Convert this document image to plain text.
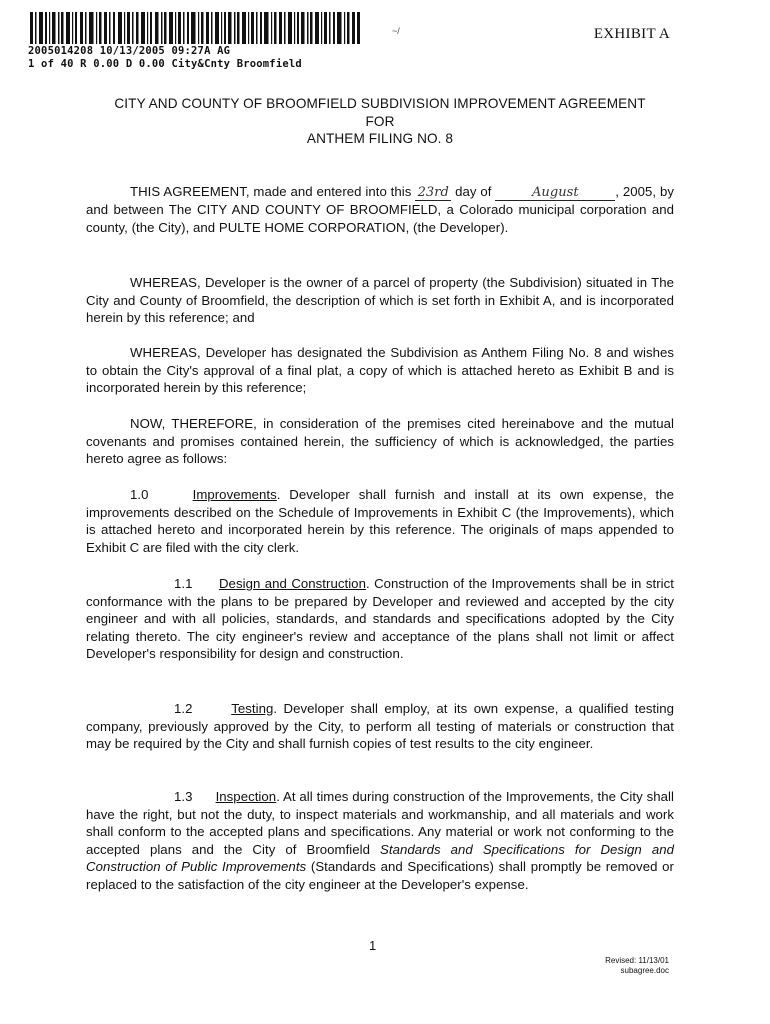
2005014208 10/13/2005 09:27A AG
1 of 40 R 0.00 D 0.00 City&Cnty Broomfield
~/	EXHIBIT A
CITY AND COUNTY OF BROOMFIELD SUBDIVISION IMPROVEMENT AGREEMENT
FOR
ANTHEM FILING NO. 8
THIS AGREEMENT, made and entered into this 23rd day of	August	, 2005, by and between The CITY AND COUNTY OF BROOMFIELD, a Colorado municipal corporation and county, (the City), and PULTE HOME CORPORATION, (the Developer).
WHEREAS, Developer is the owner of a parcel of property (the Subdivision) situated in The City and County of Broomfield, the description of which is set forth in Exhibit A, and is incorporated herein by this reference; and
WHEREAS, Developer has designated the Subdivision as Anthem Filing No. 8 and wishes to obtain the City's approval of a final plat, a copy of which is attached hereto as Exhibit B and is incorporated herein by this reference;
NOW, THEREFORE, in consideration of the premises cited hereinabove and the mutual covenants and promises contained herein, the sufficiency of which is acknowledged, the parties hereto agree as follows:
1.0	Improvements. Developer shall furnish and install at its own expense, the improvements described on the Schedule of Improvements in Exhibit C (the Improvements), which is attached hereto and incorporated herein by this reference. The originals of maps appended to Exhibit C are filed with the city clerk.
1.1 Design and Construction. Construction of the Improvements shall be in strict conformance with the plans to be prepared by Developer and reviewed and accepted by the city engineer and with all policies, standards, and standards and specifications adopted by the City relating thereto. The city engineer's review and acceptance of the plans shall not limit or affect Developer's responsibility for design and construction.
1.2	Testing. Developer shall employ, at its own expense, a qualified testing company, previously approved by the City, to perform all testing of materials or construction that may be required by the City and shall furnish copies of test results to the city engineer.
1.3 Inspection. At all times during construction of the Improvements, the City shall have the right, but not the duty, to inspect materials and workmanship, and all materials and work shall conform to the accepted plans and specifications. Any material or work not conforming to the accepted plans and the City of Broomfield Standards and Specifications for Design and Construction of Public Improvements (Standards and Specifications) shall promptly be removed or replaced to the satisfaction of the city engineer at the Developer's expense.
1
Revised: 11/13/01
subagree.doc
